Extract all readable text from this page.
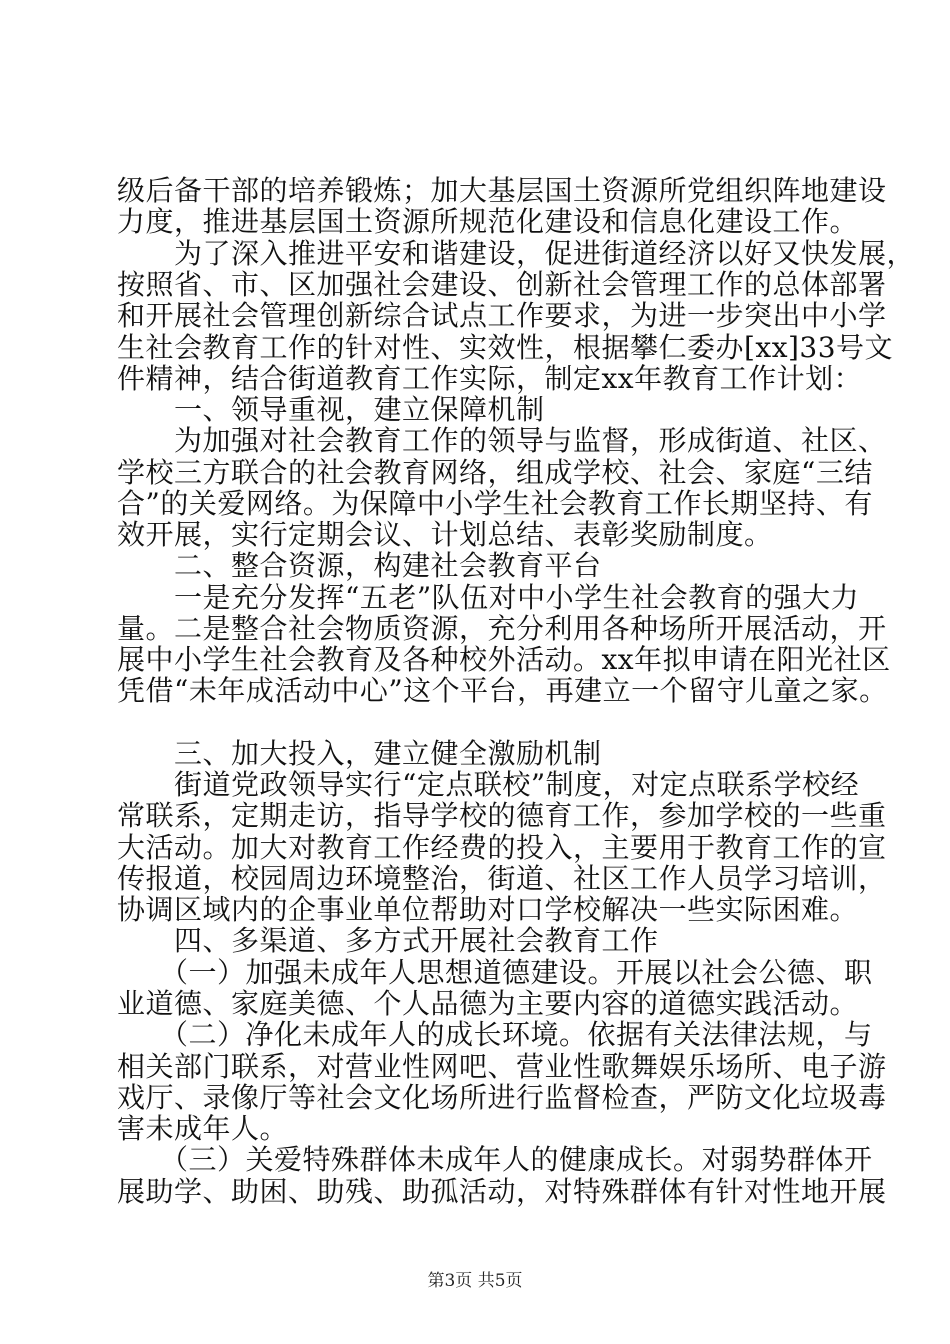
级后备干部的培养锻炼；加大基层国土资源所党组织阵地建设
力度，推进基层国土资源所规范化建设和信息化建设工作。
　　为了深入推进平安和谐建设，促进街道经济以好又快发展，
按照省、市、区加强社会建设、创新社会管理工作的总体部署
和开展社会管理创新综合试点工作要求，为进一步突出中小学
生社会教育工作的针对性、实效性，根据攀仁委办[xx]33号文
件精神，结合街道教育工作实际，制定xx年教育工作计划：
　　一、领导重视，建立保障机制
　　为加强对社会教育工作的领导与监督，形成街道、社区、
学校三方联合的社会教育网络，组成学校、社会、家庭“三结
合”的关爱网络。为保障中小学生社会教育工作长期坚持、有
效开展，实行定期会议、计划总结、表彰奖励制度。
　　二、整合资源，构建社会教育平台
　　一是充分发挥“五老”队伍对中小学生社会教育的强大力
量。二是整合社会物质资源，充分利用各种场所开展活动，开
展中小学生社会教育及各种校外活动。xx年拟申请在阳光社区
凭借“未年成活动中心”这个平台，再建立一个留守儿童之家。
　　三、加大投入，建立健全激励机制
　　街道党政领导实行“定点联校”制度，对定点联系学校经
常联系，定期走访，指导学校的德育工作，参加学校的一些重
大活动。加大对教育工作经费的投入，主要用于教育工作的宣
传报道，校园周边环境整治，街道、社区工作人员学习培训，
协调区域内的企事业单位帮助对口学校解决一些实际困难。
　　四、多渠道、多方式开展社会教育工作
　　（一）加强未成年人思想道德建设。开展以社会公德、职
业道德、家庭美德、个人品德为主要内容的道德实践活动。
　　（二）净化未成年人的成长环境。依据有关法律法规，与
相关部门联系，对营业性网吧、营业性歌舞娱乐场所、电子游
戏厅、录像厅等社会文化场所进行监督检查，严防文化垃圾毒
害未成年人。
　　（三）关爱特殊群体未成年人的健康成长。对弱势群体开
展助学、助困、助残、助孤活动，对特殊群体有针对性地开展
第3页 共5页
